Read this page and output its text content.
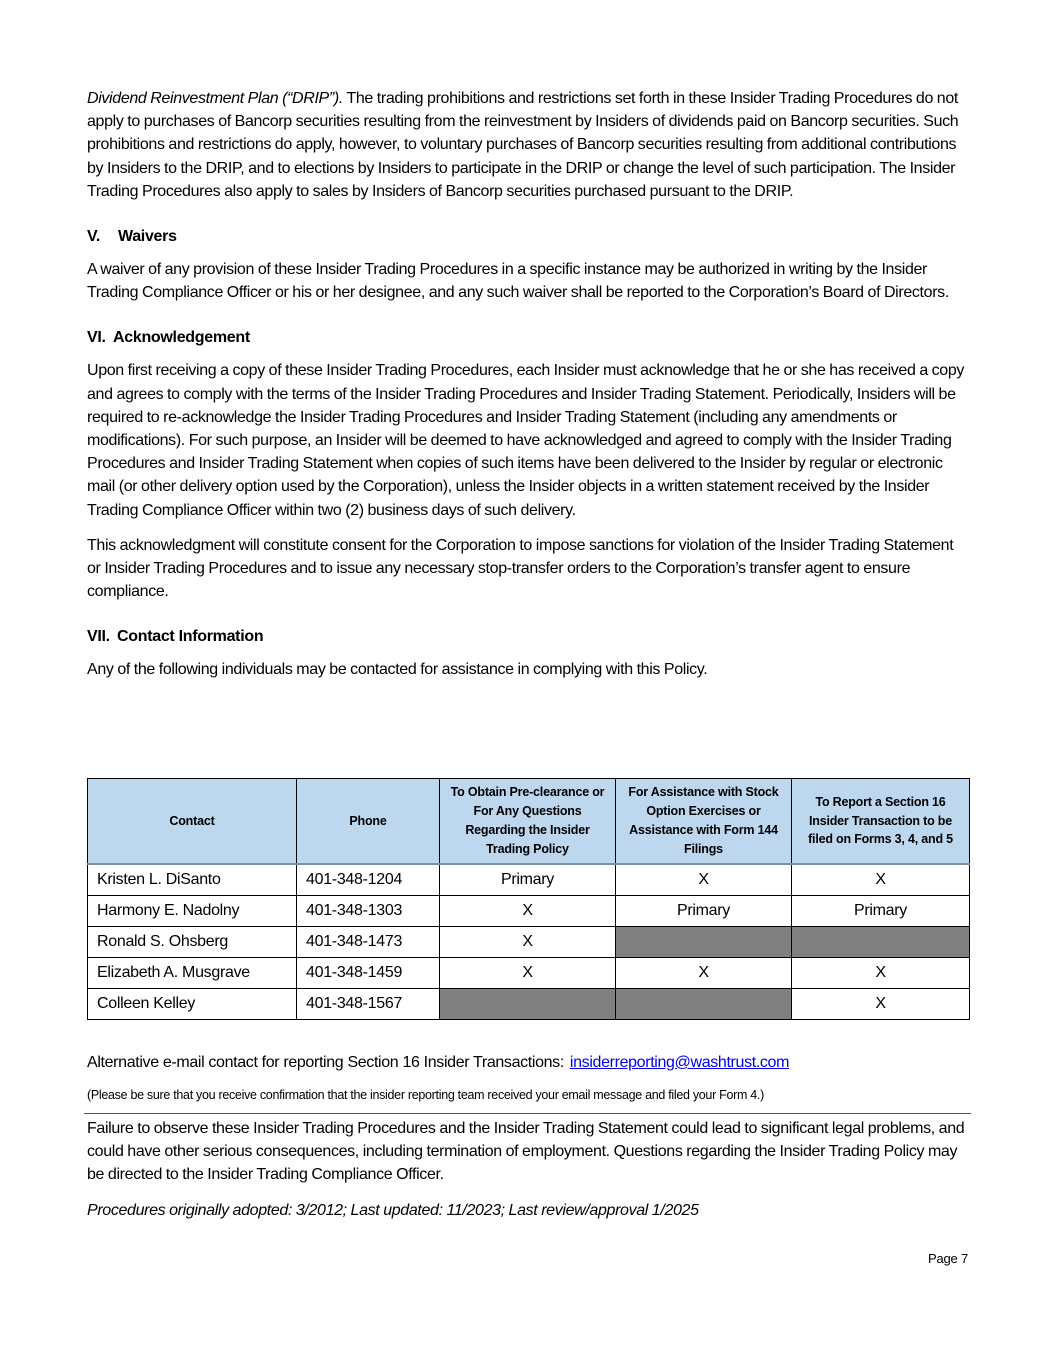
Dividend Reinvestment Plan (“DRIP”). The trading prohibitions and restrictions set forth in these Insider Trading Procedures do not apply to purchases of Bancorp securities resulting from the reinvestment by Insiders of dividends paid on Bancorp securities. Such prohibitions and restrictions do apply, however, to voluntary purchases of Bancorp securities resulting from additional contributions by Insiders to the DRIP, and to elections by Insiders to participate in the DRIP or change the level of such participation. The Insider Trading Procedures also apply to sales by Insiders of Bancorp securities purchased pursuant to the DRIP.

V. Waivers

A waiver of any provision of these Insider Trading Procedures in a specific instance may be authorized in writing by the Insider Trading Compliance Officer or his or her designee, and any such waiver shall be reported to the Corporation’s Board of Directors.

VI. Acknowledgement

Upon first receiving a copy of these Insider Trading Procedures, each Insider must acknowledge that he or she has received a copy and agrees to comply with the terms of the Insider Trading Procedures and Insider Trading Statement. Periodically, Insiders will be required to re-acknowledge the Insider Trading Procedures and Insider Trading Statement (including any amendments or modifications). For such purpose, an Insider will be deemed to have acknowledged and agreed to comply with the Insider Trading Procedures and Insider Trading Statement when copies of such items have been delivered to the Insider by regular or electronic mail (or other delivery option used by the Corporation), unless the Insider objects in a written statement received by the Insider Trading Compliance Officer within two (2) business days of such delivery.

This acknowledgment will constitute consent for the Corporation to impose sanctions for violation of the Insider Trading Statement or Insider Trading Procedures and to issue any necessary stop-transfer orders to the Corporation’s transfer agent to ensure compliance.

VII. Contact Information

Any of the following individuals may be contacted for assistance in complying with this Policy.

Contact	Phone	To Obtain Pre-clearance or For Any Questions Regarding the Insider Trading Policy	For Assistance with Stock Option Exercises or Assistance with Form 144 Filings	To Report a Section 16 Insider Transaction to be filed on Forms 3, 4, and 5
Kristen L. DiSanto	401-348-1204	Primary	X	X
Harmony E. Nadolny	401-348-1303	X	Primary	Primary
Ronald S. Ohsberg	401-348-1473	X		
Elizabeth A. Musgrave	401-348-1459	X	X	X
Colleen Kelley	401-348-1567			X
Alternative e-mail contact for reporting Section 16 Insider Transactions: insiderreporting@washtrust.com
(Please be sure that you receive confirmation that the insider reporting team received your email message and filed your Form 4.)

Failure to observe these Insider Trading Procedures and the Insider Trading Statement could lead to significant legal problems, and could have other serious consequences, including termination of employment. Questions regarding the Insider Trading Policy may be directed to the Insider Trading Compliance Officer.

Procedures originally adopted: 3/2012; Last updated: 11/2023; Last review/approval 1/2025

Page 7
